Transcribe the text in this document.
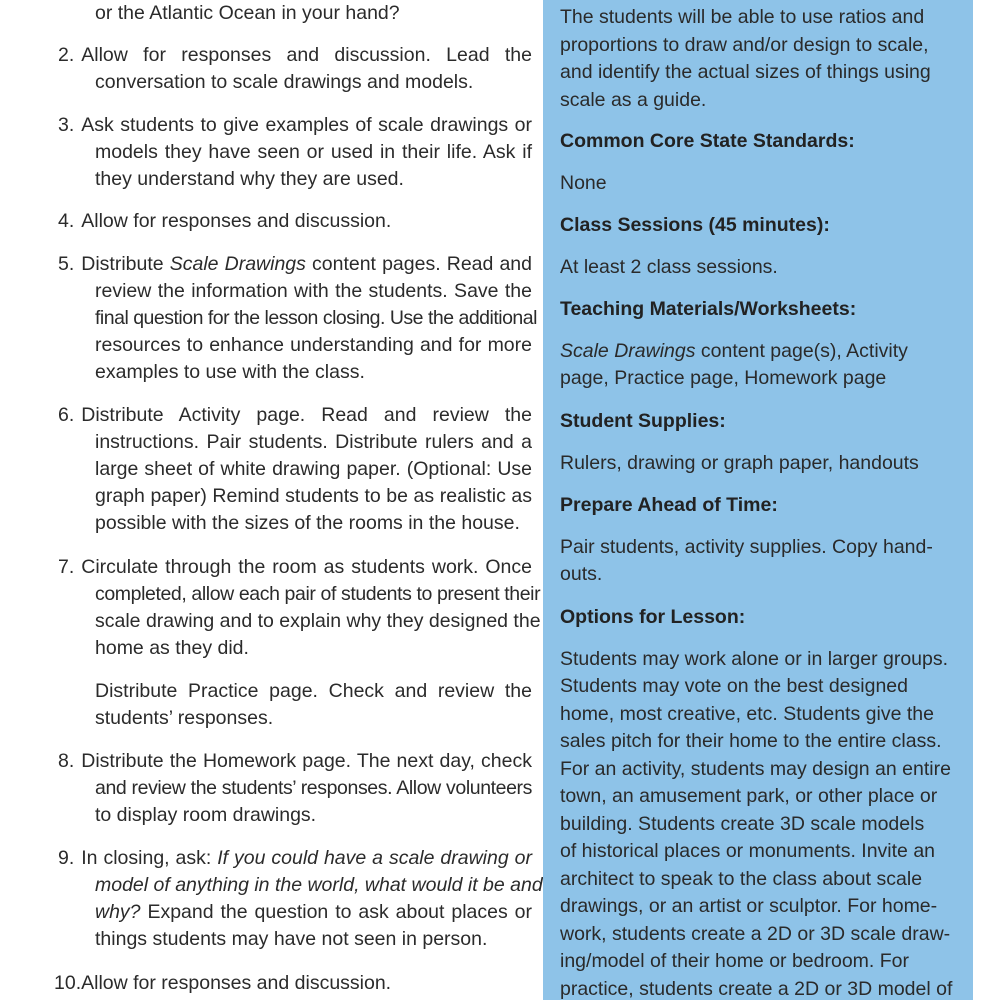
or the Atlantic Ocean in your hand?
2. Allow for responses and discussion. Lead the
conversation to scale drawings and models.
3. Ask students to give examples of scale drawings or
models they have seen or used in their life. Ask if
they understand why they are used.
4. Allow for responses and discussion.
5. Distribute Scale Drawings content pages. Read and
review the information with the students. Save the
final question for the lesson closing. Use the additional
resources to enhance understanding and for more
examples to use with the class.
6. Distribute Activity page. Read and review the
instructions. Pair students. Distribute rulers and a
large sheet of white drawing paper. (Optional: Use
graph paper) Remind students to be as realistic as
possible with the sizes of the rooms in the house.
7. Circulate through the room as students work. Once
completed, allow each pair of students to present their
scale drawing and to explain why they designed the
home as they did.
Distribute Practice page. Check and review the
students’ responses.
8. Distribute the Homework page. The next day, check
and review the students’ responses. Allow volunteers
to display room drawings.
9. In closing, ask: If you could have a scale drawing or
model of anything in the world, what would it be and
why? Expand the question to ask about places or
things students may have not seen in person.
10.Allow for responses and discussion.
The students will be able to use ratios and
proportions to draw and/or design to scale,
and identify the actual sizes of things using
scale as a guide.
Common Core State Standards:
None
Class Sessions (45 minutes):
At least 2 class sessions.
Teaching Materials/Worksheets:
Scale Drawings content page(s), Activity
page, Practice page, Homework page
Student Supplies:
Rulers, drawing or graph paper, handouts
Prepare Ahead of Time:
Pair students, activity supplies. Copy hand-
outs.
Options for Lesson:
Students may work alone or in larger groups.
Students may vote on the best designed
home, most creative, etc. Students give the
sales pitch for their home to the entire class.
For an activity, students may design an entire
town, an amusement park, or other place or
building. Students create 3D scale models
of historical places or monuments. Invite an
architect to speak to the class about scale
drawings, or an artist or sculptor. For home-
work, students create a 2D or 3D scale draw-
ing/model of their home or bedroom. For
practice, students create a 2D or 3D model of
